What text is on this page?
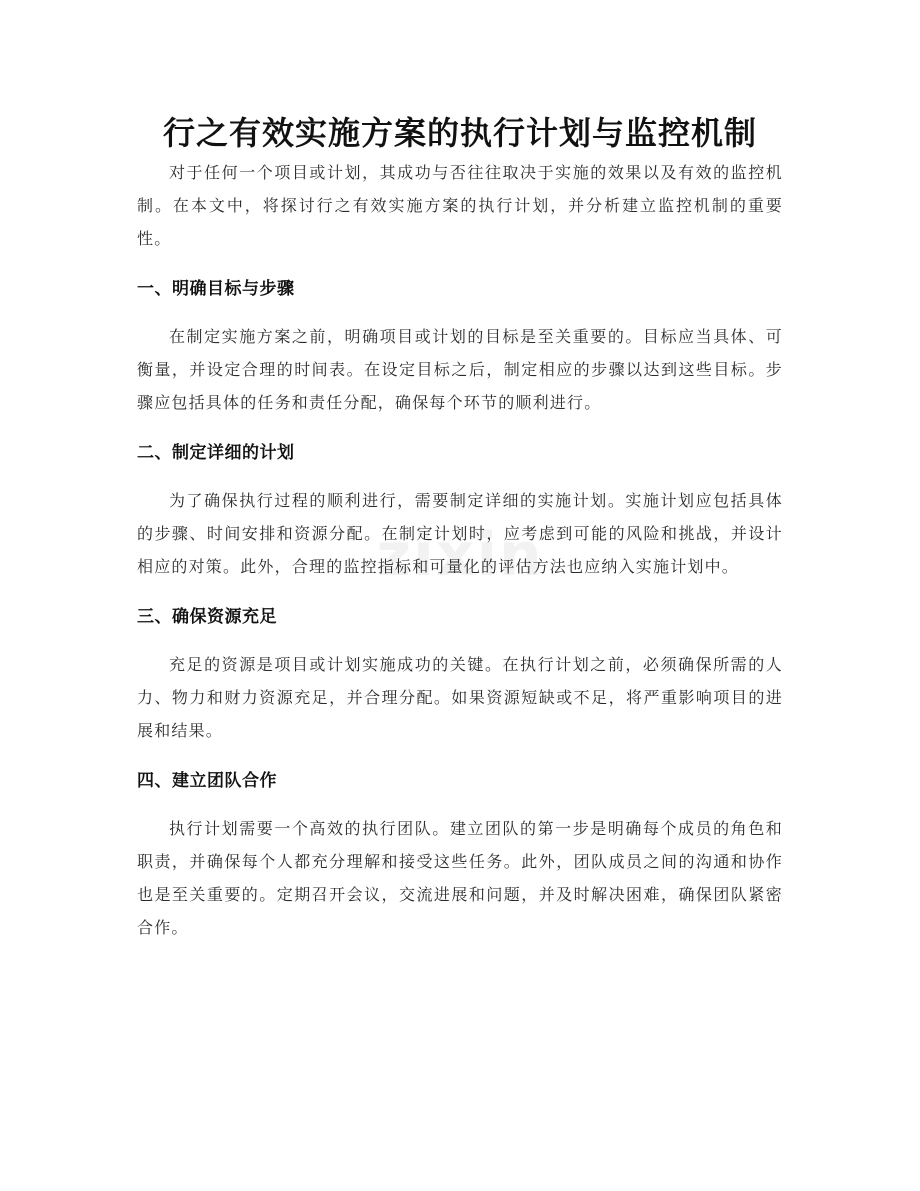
行之有效实施方案的执行计划与监控机制

对于任何一个项目或计划，其成功与否往往取决于实施的效果以及有效的监控机制。在本文中，将探讨行之有效实施方案的执行计划，并分析建立监控机制的重要性。

一、明确目标与步骤

在制定实施方案之前，明确项目或计划的目标是至关重要的。目标应当具体、可衡量，并设定合理的时间表。在设定目标之后，制定相应的步骤以达到这些目标。步骤应包括具体的任务和责任分配，确保每个环节的顺利进行。

二、制定详细的计划

为了确保执行过程的顺利进行，需要制定详细的实施计划。实施计划应包括具体的步骤、时间安排和资源分配。在制定计划时，应考虑到可能的风险和挑战，并设计相应的对策。此外，合理的监控指标和可量化的评估方法也应纳入实施计划中。

三、确保资源充足

充足的资源是项目或计划实施成功的关键。在执行计划之前，必须确保所需的人力、物力和财力资源充足，并合理分配。如果资源短缺或不足，将严重影响项目的进展和结果。

四、建立团队合作

执行计划需要一个高效的执行团队。建立团队的第一步是明确每个成员的角色和职责，并确保每个人都充分理解和接受这些任务。此外，团队成员之间的沟通和协作也是至关重要的。定期召开会议，交流进展和问题，并及时解决困难，确保团队紧密合作。

zixin
